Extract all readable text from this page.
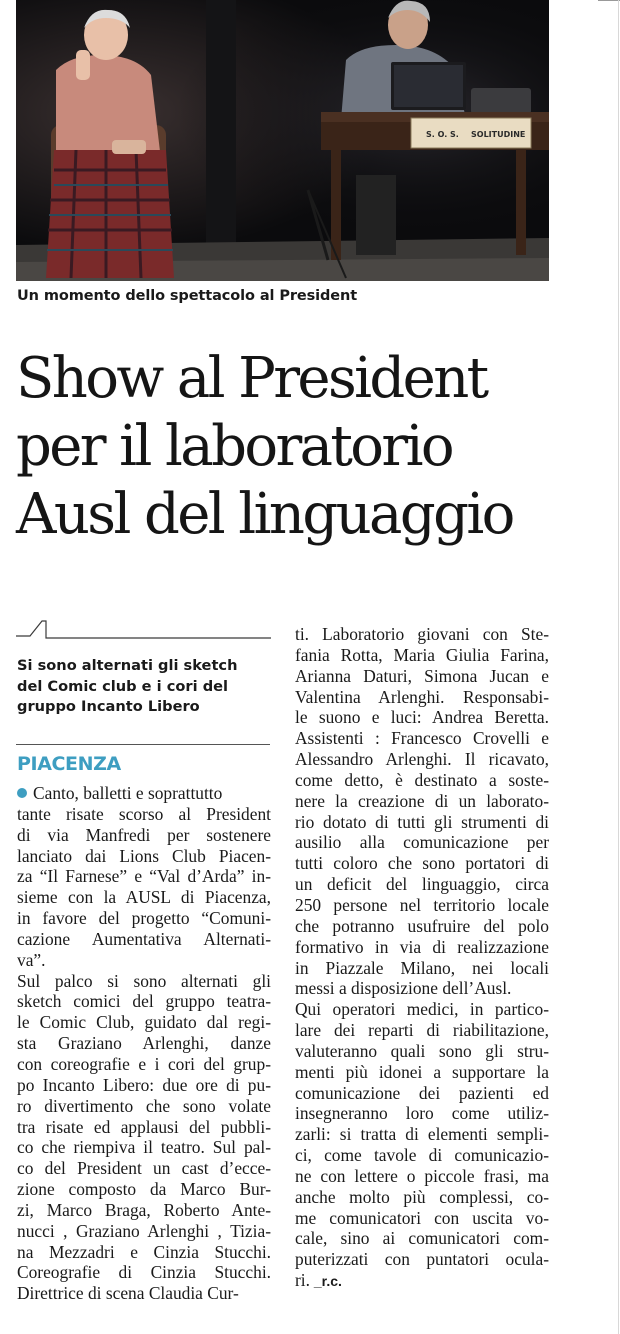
S. O. S. SOLITUDINE
Un momento dello spettacolo al President
Show al President
per il laboratorio
Ausl del linguaggio
Si sono alternati gli sketch
del Comic club e i cori del
gruppo Incanto Libero
PIACENZA
Canto, balletti e soprattutto
tante risate scorso al President
di via Manfredi per sostenere
lanciato dai Lions Club Piacen-
za “Il Farnese” e “Val d’Arda” in-
sieme con la AUSL di Piacenza,
in favore del progetto “Comuni-
cazione Aumentativa Alternati-
va”.
Sul palco si sono alternati gli
sketch comici del gruppo teatra-
le Comic Club, guidato dal regi-
sta Graziano Arlenghi, danze
con coreografie e i cori del grup-
po Incanto Libero: due ore di pu-
ro divertimento che sono volate
tra risate ed applausi del pubbli-
co che riempiva il teatro. Sul pal-
co del President un cast d’ecce-
zione composto da Marco Bur-
zi, Marco Braga, Roberto Ante-
nucci , Graziano Arlenghi , Tizia-
na Mezzadri e Cinzia Stucchi.
Coreografie di Cinzia Stucchi.
Direttrice di scena Claudia Cur-
ti. Laboratorio giovani con Ste-
fania Rotta, Maria Giulia Farina,
Arianna Daturi, Simona Jucan e
Valentina Arlenghi. Responsabi-
le suono e luci: Andrea Beretta.
Assistenti : Francesco Crovelli e
Alessandro Arlenghi. Il ricavato,
come detto, è destinato a soste-
nere la creazione di un laborato-
rio dotato di tutti gli strumenti di
ausilio alla comunicazione per
tutti coloro che sono portatori di
un deficit del linguaggio, circa
250 persone nel territorio locale
che potranno usufruire del polo
formativo in via di realizzazione
in Piazzale Milano, nei locali
messi a disposizione dell’Ausl.
Qui operatori medici, in partico-
lare dei reparti di riabilitazione,
valuteranno quali sono gli stru-
menti più idonei a supportare la
comunicazione dei pazienti ed
insegneranno loro come utiliz-
zarli: si tratta di elementi sempli-
ci, come tavole di comunicazio-
ne con lettere o piccole frasi, ma
anche molto più complessi, co-
me comunicatori con uscita vo-
cale, sino ai comunicatori com-
puterizzati con puntatori ocula-
ri. _r.c.
